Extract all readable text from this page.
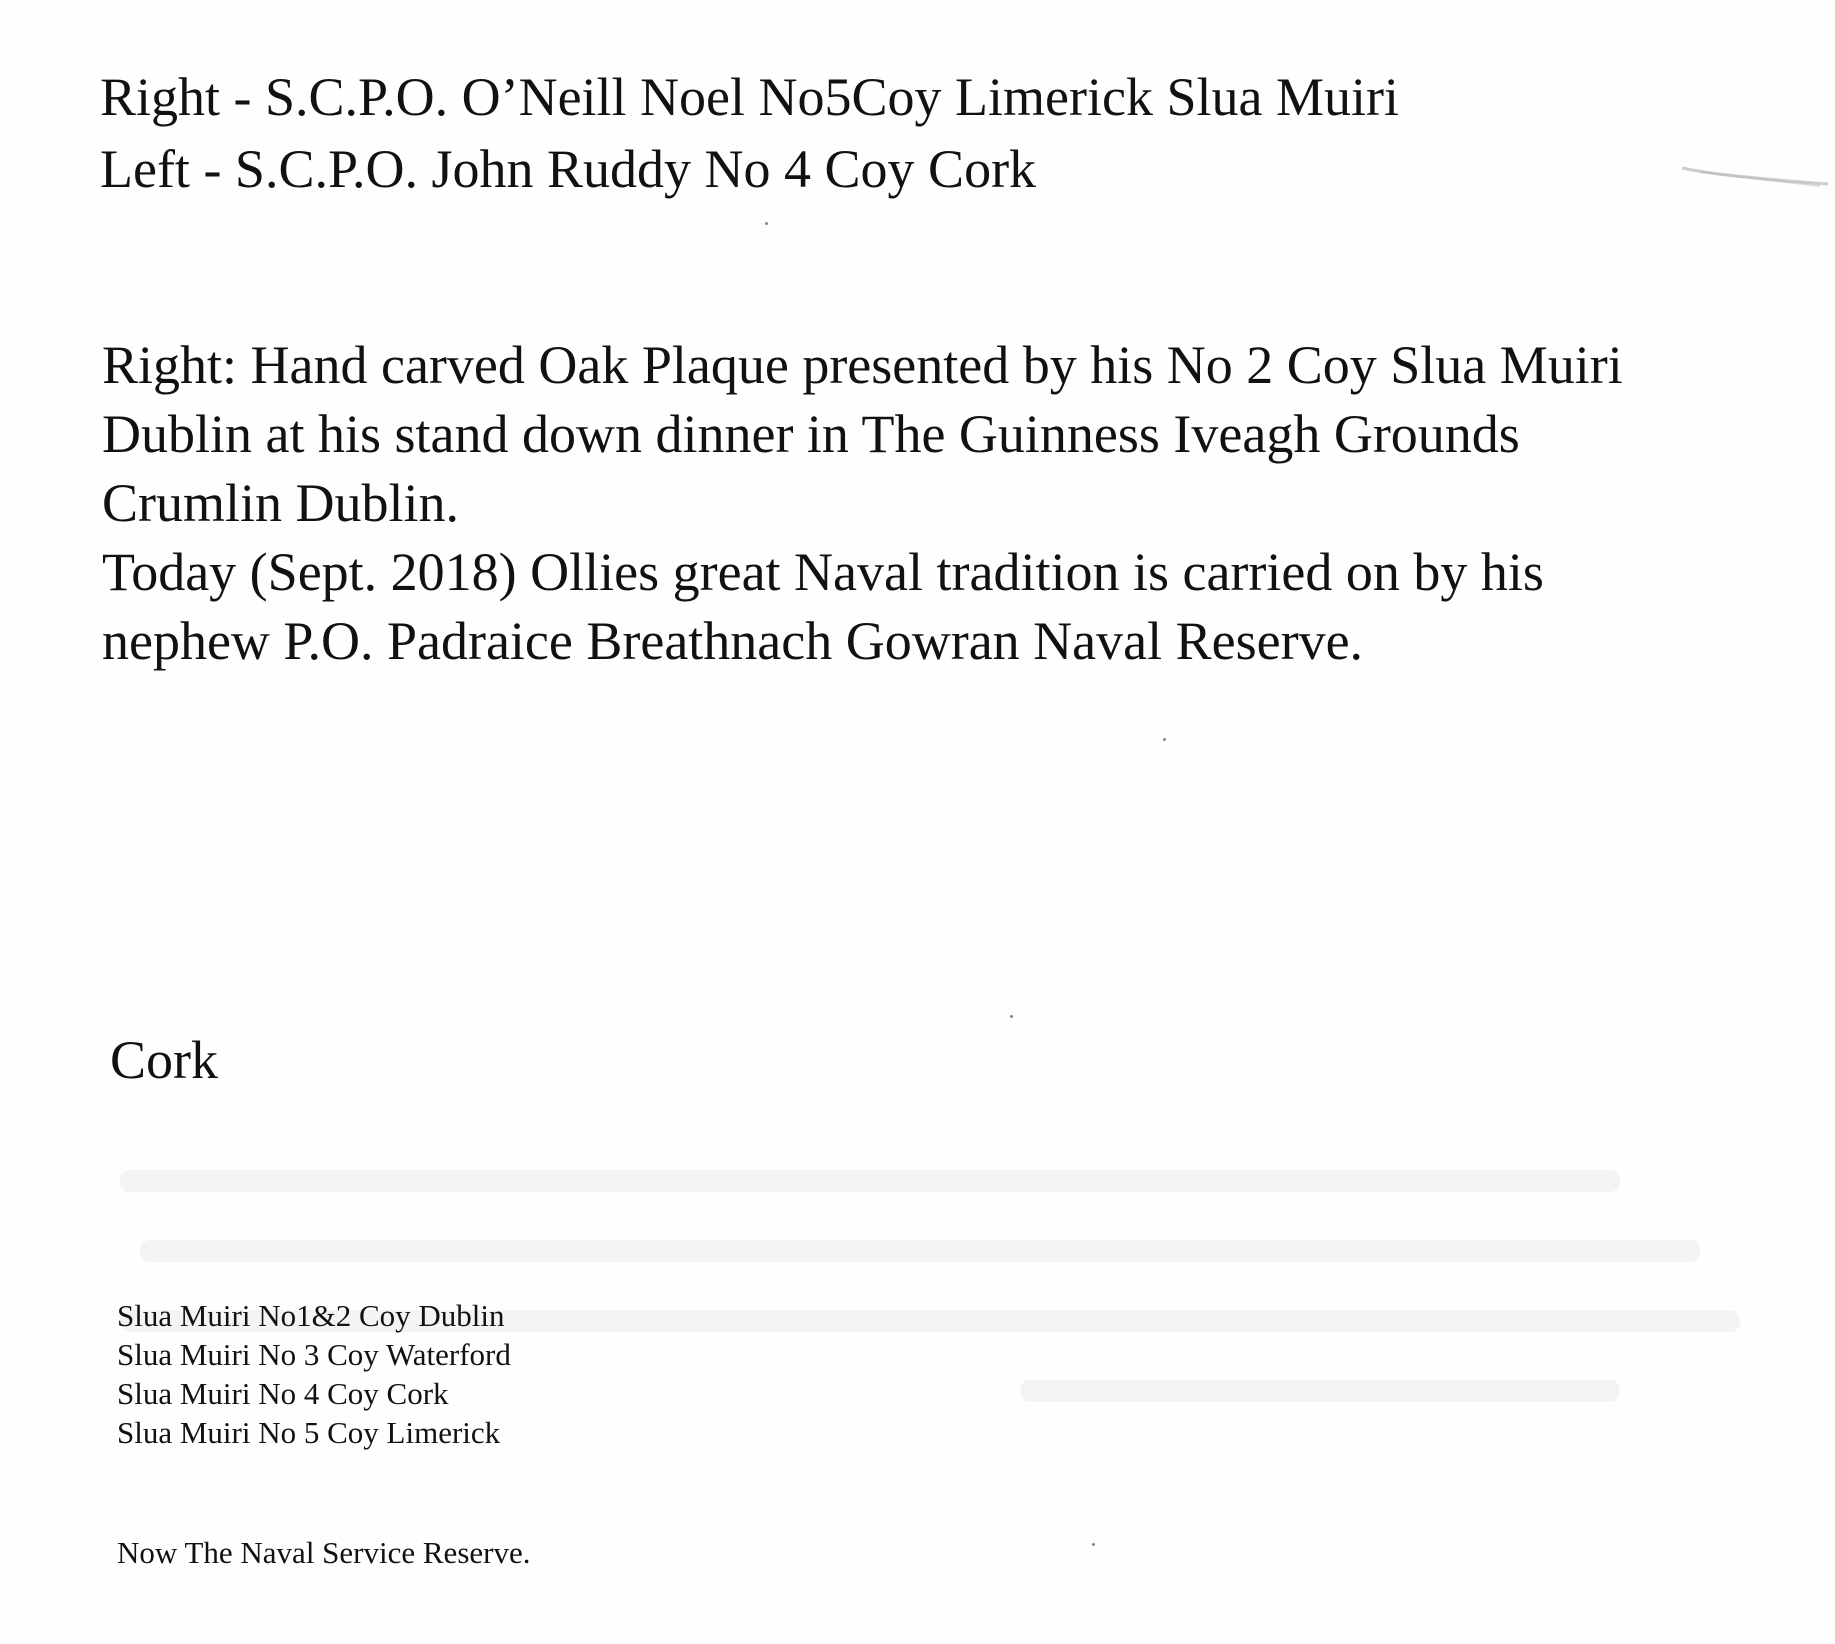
Right - S.C.P.O. O’Neill Noel No5Coy Limerick Slua Muiri

Left - S.C.P.O. John Ruddy No 4 Coy Cork

Right: Hand carved Oak Plaque presented by his No 2 Coy Slua Muiri

Dublin at his stand down dinner in The Guinness Iveagh Grounds

Crumlin Dublin.

Today (Sept. 2018) Ollies great Naval tradition is carried on by his

nephew P.O. Padraice Breathnach Gowran Naval Reserve.

Cork

Slua Muiri No1&2 Coy Dublin

Slua Muiri No 3 Coy Waterford

Slua Muiri No 4 Coy Cork

Slua Muiri No 5 Coy Limerick

Now The Naval Service Reserve.
